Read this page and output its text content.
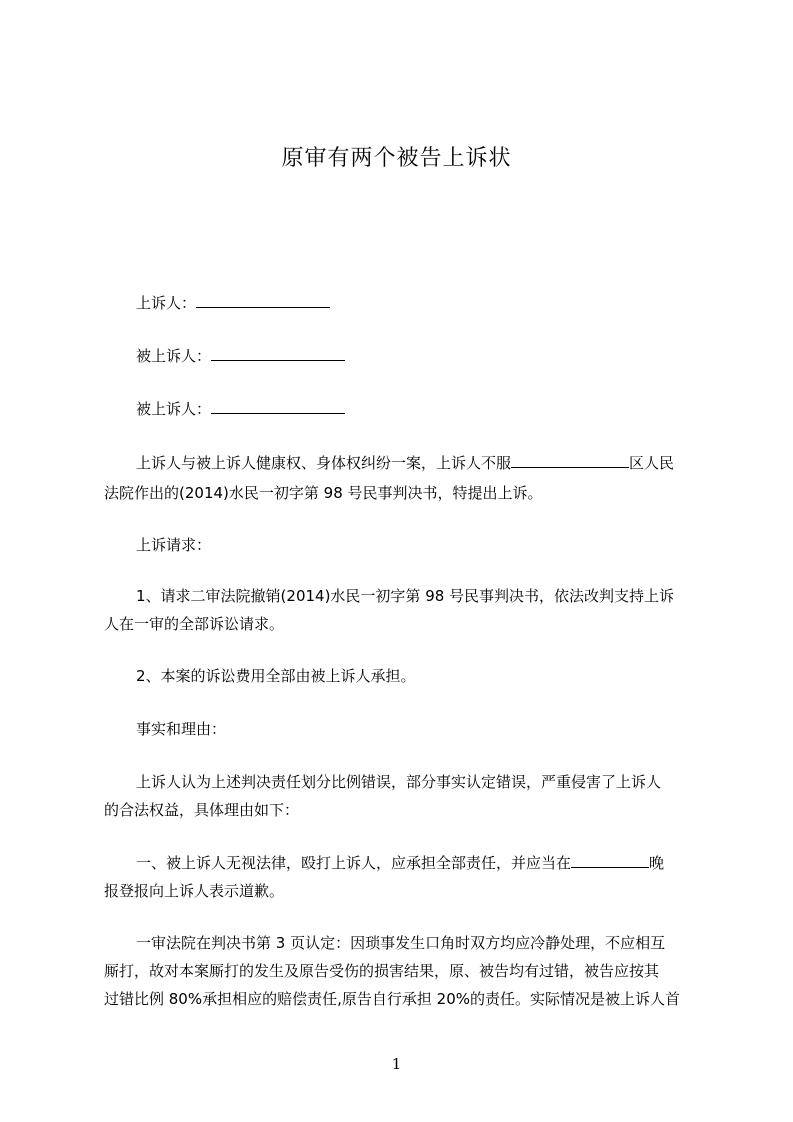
原审有两个被告上诉状
上诉人：
被上诉人：
被上诉人：
上诉人与被上诉人健康权、身体权纠纷一案，上诉人不服	区人民
法院作出的(2014)水民一初字第 98 号民事判决书，特提出上诉。
上诉请求：
1、请求二审法院撤销(2014)水民一初字第 98 号民事判决书，依法改判支持上诉
人在一审的全部诉讼请求。
2、本案的诉讼费用全部由被上诉人承担。
事实和理由：
上诉人认为上述判决责任划分比例错误，部分事实认定错误，严重侵害了上诉人
的合法权益，具体理由如下：
一、被上诉人无视法律，殴打上诉人，应承担全部责任，并应当在	晚
报登报向上诉人表示道歉。
一审法院在判决书第 3 页认定：因琐事发生口角时双方均应冷静处理，不应相互
厮打，故对本案厮打的发生及原告受伤的损害结果，原、被告均有过错，被告应按其
过错比例 80%承担相应的赔偿责任,原告自行承担 20%的责任。实际情况是被上诉人首
1
